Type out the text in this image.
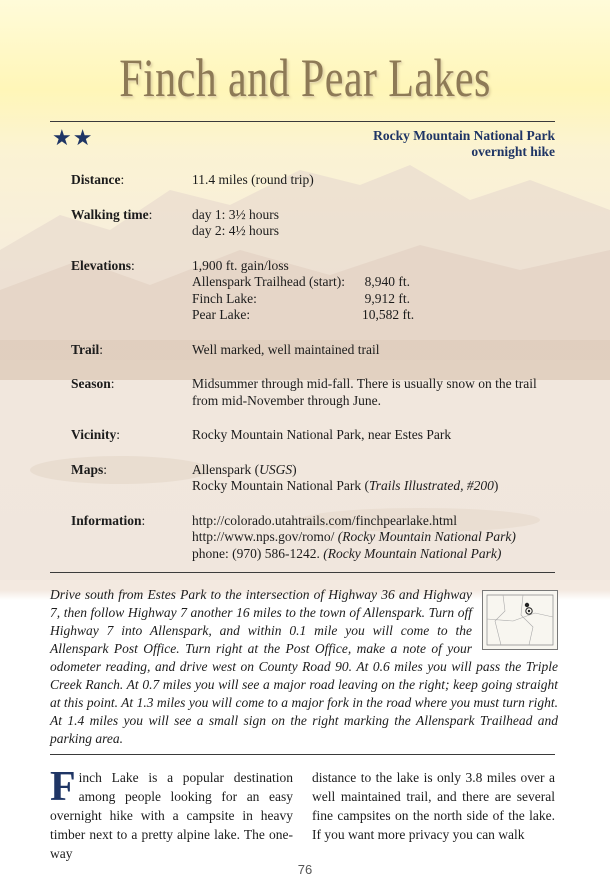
Finch and Pear Lakes
★★	Rocky Mountain National Park
overnight hike
Distance:	11.4 miles (round trip)
Walking time:	day 1: 3½ hours
day 2: 4½ hours
Elevations:	1,900 ft. gain/loss
Allenspark Trailhead (start): 8,940 ft.
Finch Lake:	9,912 ft.
Pear Lake:	10,582 ft.
Trail:	Well marked, well maintained trail
Season:	Midsummer through mid-fall. There is usually snow on the trail
from mid-November through June.
Vicinity:	Rocky Mountain National Park, near Estes Park
Maps:	Allenspark (USGS)
Rocky Mountain National Park (Trails Illustrated, #200)
Information:	http://colorado.utahtrails.com/finchpearlake.html
http://www.nps.gov/romo/ (Rocky Mountain National Park)
phone: (970) 586-1242. (Rocky Mountain National Park)
Drive south from Estes Park to the intersection of Highway 36 and Highway 7, then follow Highway 7 another 16 miles to the town of Allenspark. Turn off Highway 7 into Allenspark, and within 0.1 mile you will come to the Allenspark Post Office. Turn right at the Post Office, make a note of your odometer reading, and drive west on County Road 90. At 0.6 miles you will pass the Triple Creek Ranch. At 0.7 miles you will see a major road leaving on the right; keep going straight at this point. At 1.3 miles you will come to a major fork in the road where you must turn right. At 1.4 miles you will see a small sign on the right marking the Allenspark Trailhead and parking area.
Finch Lake is a popular destination among people looking for an easy overnight hike with a campsite in heavy timber next to a pretty alpine lake. The one-way
distance to the lake is only 3.8 miles over a well maintained trail, and there are several fine campsites on the north side of the lake. If you want more privacy you can walk
76
